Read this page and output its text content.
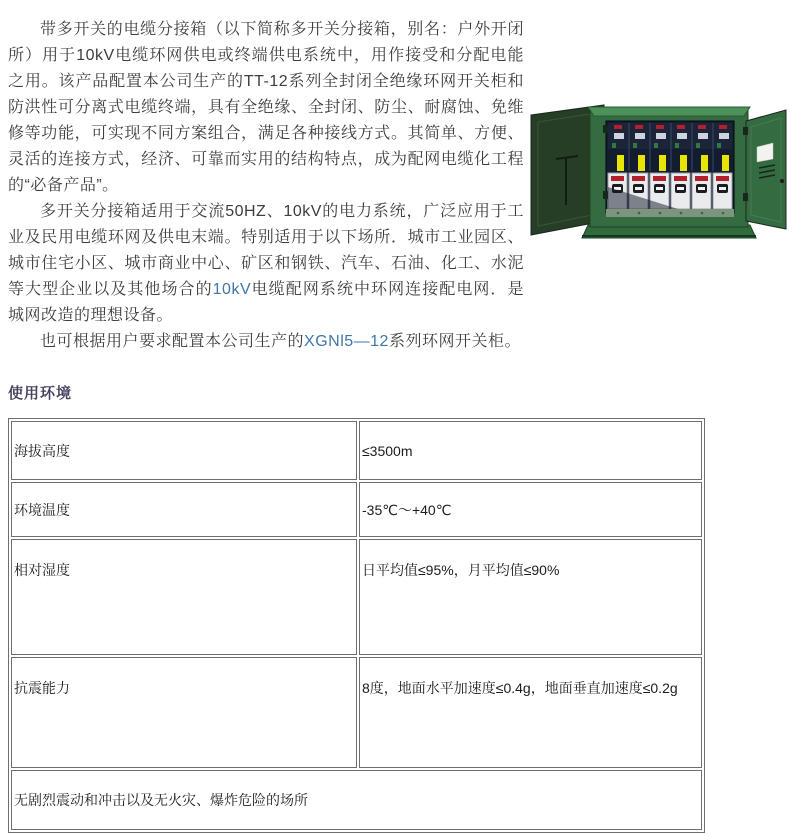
带多开关的电缆分接箱（以下简称多开关分接箱，别名：户外开闭所）用于10kV电缆环网供电或终端供电系统中，用作接受和分配电能之用。该产品配置本公司生产的TT-12系列全封闭全绝缘环网开关柜和防洪性可分离式电缆终端，具有全绝缘、全封闭、防尘、耐腐蚀、免维修等功能，可实现不同方案组合，满足各种接线方式。其简单、方便、灵活的连接方式，经济、可靠而实用的结构特点，成为配网电缆化工程的“必备产品”。

多开关分接箱适用于交流50HZ、10kV的电力系统，广泛应用于工业及民用电缆环网及供电末端。特别适用于以下场所．城市工业园区、城市住宅小区、城市商业中心、矿区和钢铁、汽车、石油、化工、水泥等大型企业以及其他场合的10kV电缆配网系统中环网连接配电网．是城网改造的理想设备。

也可根据用户要求配置本公司生产的XGNl5—12系列环网开关柜。

使用环境
海拔高度	≤3500m
环境温度	-35℃～+40℃
相对湿度	日平均值≤95%，月平均值≤90%
抗震能力	8度，地面水平加速度≤0.4g，地面垂直加速度≤0.2g
无剧烈震动和冲击以及无火灾、爆炸危险的场所	
